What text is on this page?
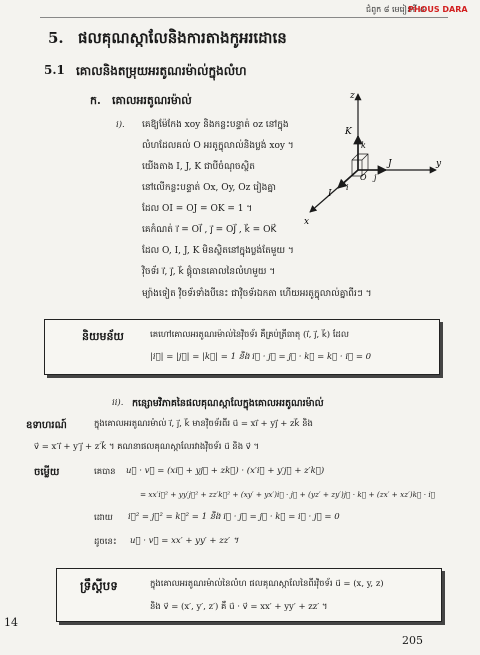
ជំពូក ៨ មេរៀនទី ៥
PHOUS DARA
5. ផលគុណស្កាលែនិងការតាងកូអរដោនេ
5.1 គោលនិងតម្រុយអរតូណរម៉ាល់ក្នុងលំហ
ក. គោលអរតូណរម៉ាល់
i). គេឱ្យម៉ែកែង xoy និងកន្លះបន្ទាត់ oz នៅក្នុង
លំហដែលគល់ O អរតូក្នុលាល់និងប្លង់ xoy ។
យើងតាង I, J, K ជាបីចំណុចស្ថិត
នៅលើកន្លះបន្ទាត់ Ox, Oy, Oz រៀងគ្នា
ដែល OI = OJ = OK = 1 ។
គេកំណត់ i⃗ = OI⃗ , j⃗ = OJ⃗ , k⃗ = OK⃗
ដែល O, I, J, K មិនស្ថិតនៅក្នុងប្លង់តែមួយ ។
វ៉ិចទ័រ i⃗, j⃗, k⃗ ផ្ដុំបានគោលនៃលំហមួយ ។
ម្យ៉ាងទៀត វ៉ិចទ័រទាំងបីនេះ ជាវ៉ិចទ័រឯកតា ហើយអរតូក្នុលាល់គ្នាពីរៗ ។
z
K
k
O j
J	y
i
I
x
និយមន័យ	គេហៅគោលអរតូណរម៉ាល់នៃវ៉ិចទ័រ គឺគ្រប់ត្រីធាតុ (i⃗, j⃗, k⃗) ដែល
|i⃗| = |j⃗| = |k⃗| = 1 និង i⃗ · j⃗ = j⃗ · k⃗ = k⃗ · i⃗ = 0
ii). កន្សោមវិភាគនៃផលគុណស្កាលែក្នុងគោលអរតូណរម៉ាល់
ឧទាហរណ៍	ក្នុងគោលអរតូណរម៉ាល់ i⃗, j⃗, k⃗ មានវ៉ិចទ័រពីរ u⃗ = xi⃗ + yj⃗ + zk⃗ និង
v⃗ = x′i⃗ + y′j⃗ + z′k⃗ ។ គណនាផលគុណស្កាលែរវាងវ៉ិចទ័រ u⃗ និង v⃗ ។
ចម្លើយ	គេបាន u⃗ · v⃗ = (xi⃗ + yj⃗ + zk⃗) · (x′i⃗ + y′j⃗ + z′k⃗)
= xx′i⃗² + yy′j⃗² + zz′k⃗² + (xy′ + yx′)i⃗ · j⃗ + (yz′ + zy′)j⃗ · k⃗ + (zx′ + xz′)k⃗ · i⃗
ដោយ i⃗² = j⃗² = k⃗² = 1 និង i⃗ · j⃗ = j⃗ · k⃗ = i⃗ · j⃗ = 0
ដូចនេះ u⃗ · v⃗ = xx′ + yy′ + zz′ ។
ទ្រឹស្តីបទ	ក្នុងគោលអរតូណរម៉ាល់នៃលំហ ផលគុណស្កាលែនៃពីរវ៉ិចទ័រ u⃗ = (x, y, z)
និង v⃗ = (x′, y′, z′) គឺ u⃗ · v⃗ = xx′ + yy′ + zz′ ។
14
205
